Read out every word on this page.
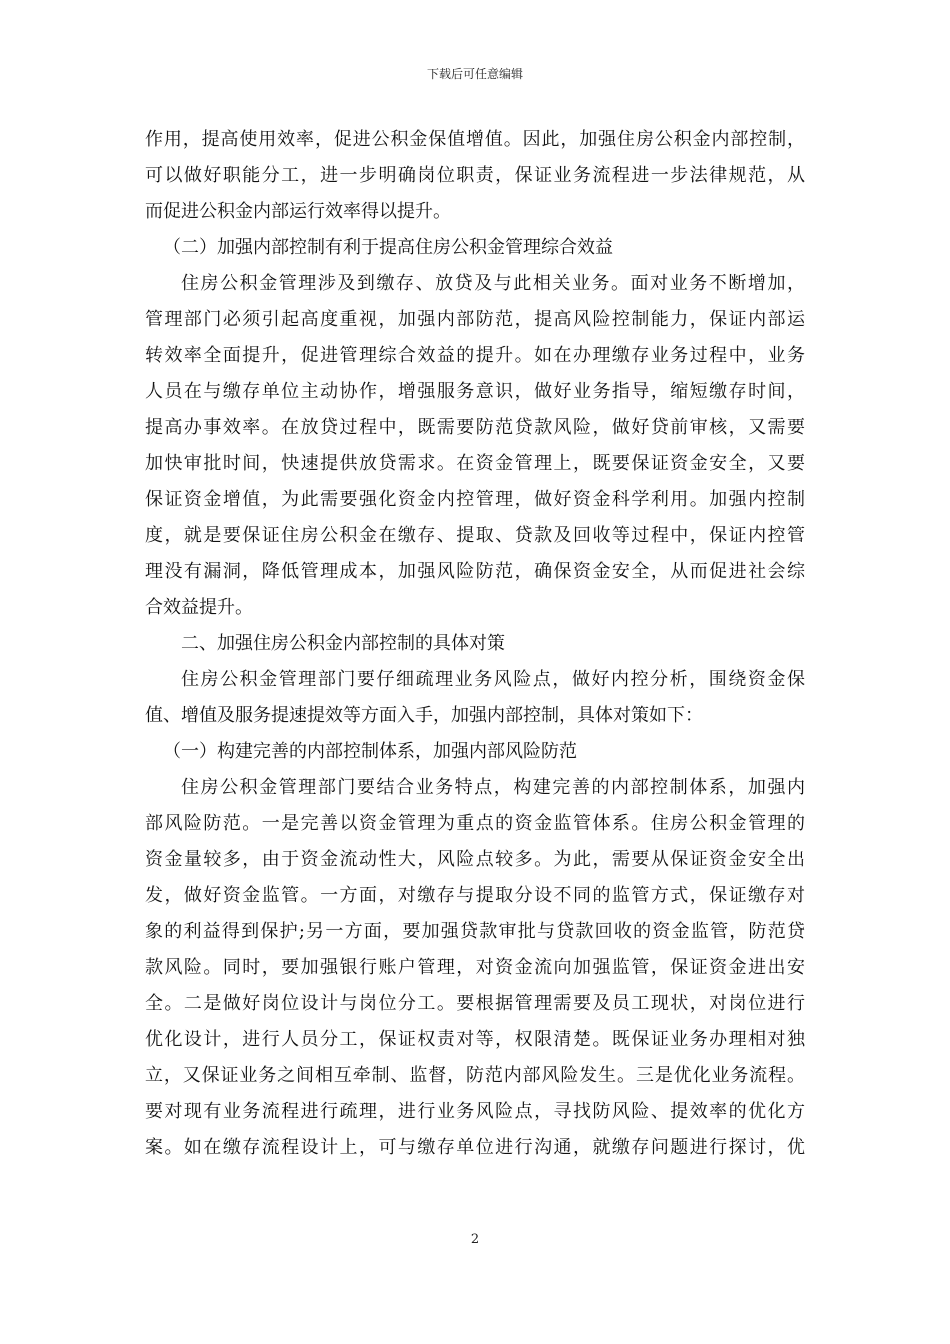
下载后可任意编辑
作用，提高使用效率，促进公积金保值增值。因此，加强住房公积金内部控制，
可以做好职能分工，进一步明确岗位职责，保证业务流程进一步法律规范，从
而促进公积金内部运行效率得以提升。
（二）加强内部控制有利于提高住房公积金管理综合效益
住房公积金管理涉及到缴存、放贷及与此相关业务。面对业务不断增加，
管理部门必须引起高度重视，加强内部防范，提高风险控制能力，保证内部运
转效率全面提升，促进管理综合效益的提升。如在办理缴存业务过程中，业务
人员在与缴存单位主动协作，增强服务意识，做好业务指导，缩短缴存时间，
提高办事效率。在放贷过程中，既需要防范贷款风险，做好贷前审核，又需要
加快审批时间，快速提供放贷需求。在资金管理上，既要保证资金安全，又要
保证资金增值，为此需要强化资金内控管理，做好资金科学利用。加强内控制
度，就是要保证住房公积金在缴存、提取、贷款及回收等过程中，保证内控管
理没有漏洞，降低管理成本，加强风险防范，确保资金安全，从而促进社会综
合效益提升。
二、加强住房公积金内部控制的具体对策
住房公积金管理部门要仔细疏理业务风险点，做好内控分析，围绕资金保
值、增值及服务提速提效等方面入手，加强内部控制，具体对策如下：
（一）构建完善的内部控制体系，加强内部风险防范
住房公积金管理部门要结合业务特点，构建完善的内部控制体系，加强内
部风险防范。一是完善以资金管理为重点的资金监管体系。住房公积金管理的
资金量较多，由于资金流动性大，风险点较多。为此，需要从保证资金安全出
发，做好资金监管。一方面，对缴存与提取分设不同的监管方式，保证缴存对
象的利益得到保护;另一方面，要加强贷款审批与贷款回收的资金监管，防范贷
款风险。同时，要加强银行账户管理，对资金流向加强监管，保证资金进出安
全。二是做好岗位设计与岗位分工。要根据管理需要及员工现状，对岗位进行
优化设计，进行人员分工，保证权责对等，权限清楚。既保证业务办理相对独
立，又保证业务之间相互牵制、监督，防范内部风险发生。三是优化业务流程。
要对现有业务流程进行疏理，进行业务风险点，寻找防风险、提效率的优化方
案。如在缴存流程设计上，可与缴存单位进行沟通，就缴存问题进行探讨，优
2
